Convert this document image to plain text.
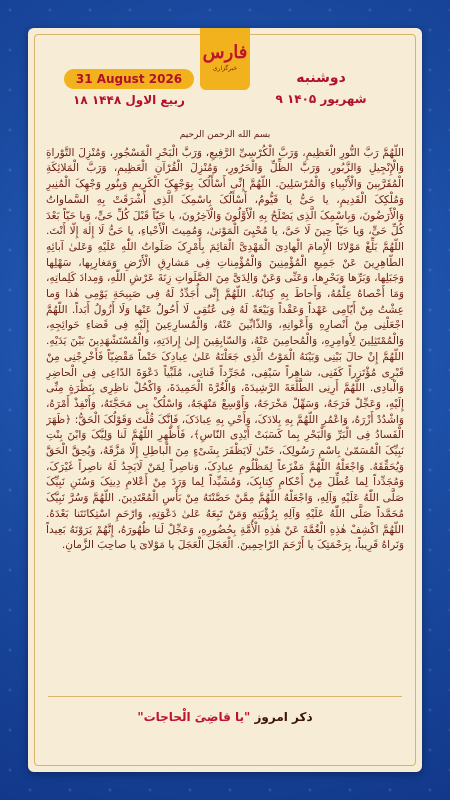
فارس
خبرگزاری
31 August 2026
۱۸ ربیع الاول ۱۴۴۸
دوشنبه
۹ شهریور ۱۴۰۵
بسم الله الرحمن الرحیم

اللّهُمَّ رَبَّ النُّورِ الْعَظِیمِ، وَرَبَّ الْکُرْسِیِّ الرَّفِیعِ، وَرَبَّ الْبَحْرِ الْمَسْجُورِ، وَمُنْزِلَ التَّوْراةِ وَالْإِنْجِیلِ وَالزَّبُورِ، وَرَبَّ الظِّلِّ وَالْحَرُورِ، وَمُنْزِلَ الْقُرْآنِ الْعَظِیمِ، وَرَبَّ الْمَلائِکَةِ الْمُقَرَّبِینَ وَالْأَنْبِیاءِ وَالْمُرْسَلِینَ. اللّهُمَّ إِنِّی أَسْأَلُکَ بِوَجْهِکَ الْکَرِیمِ وَبِنُورِ وَجْهِکَ الْمُنِیرِ وَمُلْکِکَ الْقَدِیمِ، یا حَیُّ یا قَیُّومُ، أَسْأَلُکَ بِاسْمِکَ الَّذِی أَشْرَقَتْ بِهِ السَّماواتُ وَالْأَرَضُونَ، وَبِاسْمِکَ الَّذِی یَصْلَحُ بِهِ الْأَوَّلُونَ وَالْآخِرُونَ، یا حَیّاً قَبْلَ کُلِّ حَیٍّ، وَیا حَیّاً بَعْدَ کُلِّ حَیٍّ، وَیا حَیّاً حِینَ لَا حَیَّ، یا مُحْیِیَ الْمَوْتیٰ، وَمُمِیتَ الْأَحْیاءِ، یا حَیُّ لَا إِلٰهَ إِلّا أَنْتَ. اللّهُمَّ بَلِّغْ مَوْلانَا الْإِمامَ الْهادِیَ الْمَهْدِیَّ الْقائِمَ بِأَمْرِکَ صَلَواتُ اللّٰهِ عَلَیْهِ وَعَلیٰ آبائِهِ الطّاهِرِینَ عَنْ جَمِیعِ الْمُؤْمِنِینَ وَالْمُؤْمِناتِ فِی مَشارِقِ الْأَرْضِ وَمَغارِبِها، سَهْلِها وَجَبَلِها، وَبَرِّها وَبَحْرِها، وَعَنِّی وَعَنْ وَالِدَیَّ مِنَ الصَّلَواتِ زِنَةَ عَرْشِ اللّٰهِ، وَمِدادَ کَلِماتِهِ، وَمَا أَحْصاهُ عِلْمُهُ، وَأَحاطَ بِهِ کِتابُهُ. اللّهُمَّ إِنِّی أُجَدِّدُ لَهُ فِی صَبِیحَةِ یَوْمِی هٰذا وَما عِشْتُ مِنْ أَیّامِی عَهْداً وَعَقْداً وَبَیْعَةً لَهُ فِی عُنُقِی لَا أَحُولُ عَنْها وَلَا أَزُولُ أَبَداً. اللّهُمَّ اجْعَلْنِی مِنْ أَنْصارِهِ وَأَعْوانِهِ، وَالذّابِّینَ عَنْهُ، وَالْمُسارِعِینَ إِلَیْهِ فِی قَضاءِ حَوائِجِهِ، وَالْمُمْتَثِلِینَ لِأَوامِرِهِ، وَالْمُحامِینَ عَنْهُ، وَالسّابِقِینَ إِلیٰ إِرادَتِهِ، وَالْمُسْتَشْهَدِینَ بَیْنَ یَدَیْهِ. اللّهُمَّ إِنْ حالَ بَیْنِی وَبَیْنَهُ الْمَوْتُ الَّذِی جَعَلْتَهُ عَلیٰ عِبادِکَ حَتْماً مَقْضِیّاً فَأَخْرِجْنِی مِنْ قَبْرِی مُؤْتَزِراً کَفَنِی، شاهِراً سَیْفِی، مُجَرِّداً قَناتِی، مُلَبِّیاً دَعْوَةَ الدّاعِی فِی الْحاضِرِ وَالْبادِی. اللّهُمَّ أَرِنِی الطَّلْعَةَ الرَّشِیدَةَ، وَالْغُرَّةَ الْحَمِیدَةَ، وَاکْحُلْ ناظِرِی بِنَظْرَةٍ مِنِّی إِلَیْهِ، وَعَجِّلْ فَرَجَهُ، وَسَهِّلْ مَخْرَجَهُ، وَأَوْسِعْ مَنْهَجَهُ، وَاسْلُکْ بِی مَحَجَّتَهُ، وَأَنْفِذْ أَمْرَهُ، وَاشْدُدْ أَزْرَهُ، وَاعْمُرِ اللّهُمَّ بِهِ بِلادَکَ، وَأَحْیِ بِهِ عِبادَکَ، فَإِنَّکَ قُلْتَ وَقَوْلُکَ الْحَقُّ: ﴿ظَهَرَ الْفَسادُ فِی الْبَرِّ وَالْبَحْرِ بِما کَسَبَتْ أَیْدِی النّاسِ﴾، فَأَظْهِرِ اللّهُمَّ لَنا وَلِیَّکَ وَابْنَ بِنْتِ نَبِیِّکَ الْمُسَمّیٰ بِاسْمِ رَسُولِکَ، حَتّیٰ لَایَظْفَرَ بِشَیْءٍ مِنَ الْباطِلِ إِلّا مَزَّقَهُ، وَیُحِقَّ الْحَقَّ وَیُحَقِّقَهُ. وَاجْعَلْهُ اللّهُمَّ مَفْزَعاً لِمَظْلُومِ عِبادِکَ، وَناصِراً لِمَنْ لَایَجِدُ لَهُ ناصِراً غَیْرَکَ، وَمُجَدِّداً لِما عُطِّلَ مِنْ أَحْکامِ کِتابِکَ، وَمُشَیِّداً لِما وَرَدَ مِنْ أَعْلامِ دِینِکَ وَسُنَنِ نَبِیِّکَ صَلَّی اللّٰهُ عَلَیْهِ وَآلِهِ، وَاجْعَلْهُ اللّهُمَّ مِمَّنْ حَصَّنْتَهُ مِنْ بَأْسِ الْمُعْتَدِینَ. اللّهُمَّ وَسُرَّ نَبِیَّکَ مُحَمَّداً صَلَّی اللّٰهُ عَلَیْهِ وَآلِهِ بِرُؤْیَتِهِ وَمَنْ تَبِعَهُ عَلیٰ دَعْوَتِهِ، وَارْحَمِ اسْتِکانَتَنا بَعْدَهُ. اللّهُمَّ اکْشِفْ هٰذِهِ الْغُمَّةَ عَنْ هٰذِهِ الْأُمَّةِ بِحُضُورِهِ، وَعَجِّلْ لَنا ظُهُورَهُ، إِنَّهُمْ یَرَوْنَهُ بَعِیداً وَنَراهُ قَرِیباً، بِرَحْمَتِکَ یا أَرْحَمَ الرّاحِمِینَ. الْعَجَلَ الْعَجَلَ یا مَوْلایَ یا صاحِبَ الزَّمانِ.

ذکر امروز "یا قاضِیَ الْحاجات"
